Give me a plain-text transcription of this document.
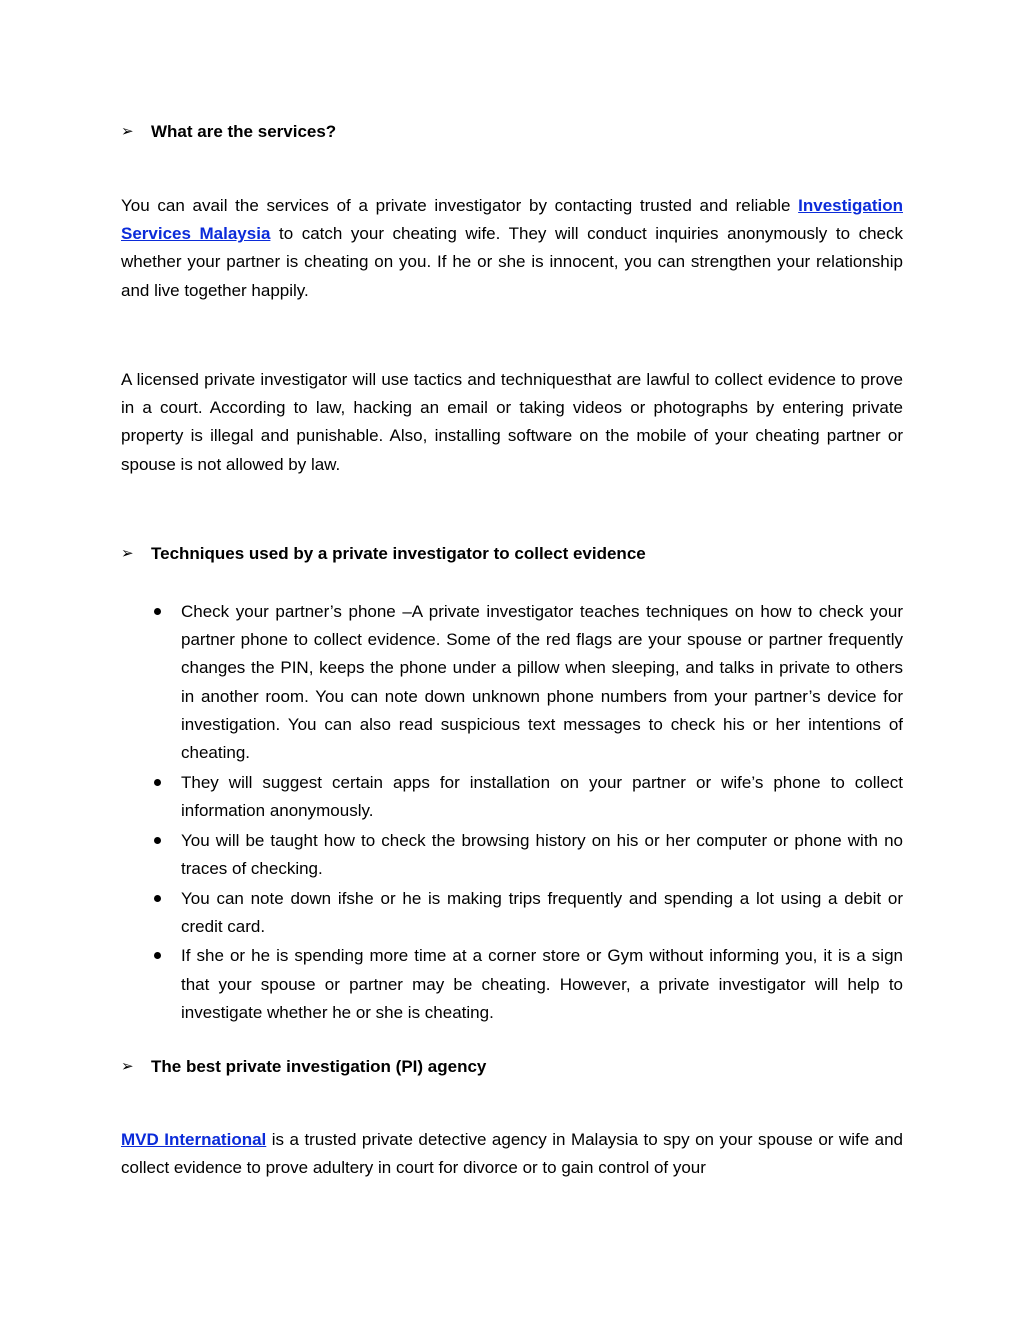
➢	What are the services?

You can avail the services of a private investigator by contacting trusted and reliable Investigation Services Malaysia to catch your cheating wife. They will conduct inquiries anonymously to check whether your partner is cheating on you. If he or she is innocent, you can strengthen your relationship and live together happily.

A licensed private investigator will use tactics and techniquesthat are lawful to collect evidence to prove in a court. According to law, hacking an email or taking videos or photographs by entering private property is illegal and punishable. Also, installing software on the mobile of your cheating partner or spouse is not allowed by law.

➢	Techniques used by a private investigator to collect evidence
Check your partner’s phone –A private investigator teaches techniques on how to check your partner phone to collect evidence. Some of the red flags are your spouse or partner frequently changes the PIN, keeps the phone under a pillow when sleeping, and talks in private to others in another room. You can note down unknown phone numbers from your partner’s device for investigation. You can also read suspicious text messages to check his or her intentions of cheating.
They will suggest certain apps for installation on your partner or wife’s phone to collect information anonymously.
You will be taught how to check the browsing history on his or her computer or phone with no traces of checking.
You can note down ifshe or he is making trips frequently and spending a lot using a debit or credit card.
If she or he is spending more time at a corner store or Gym without informing you, it is a sign that your spouse or partner may be cheating. However, a private investigator will help to investigate whether he or she is cheating.
➢	The best private investigation (PI) agency

MVD International is a trusted private detective agency in Malaysia to spy on your spouse or wife and collect evidence to prove adultery in court for divorce or to gain control of your
